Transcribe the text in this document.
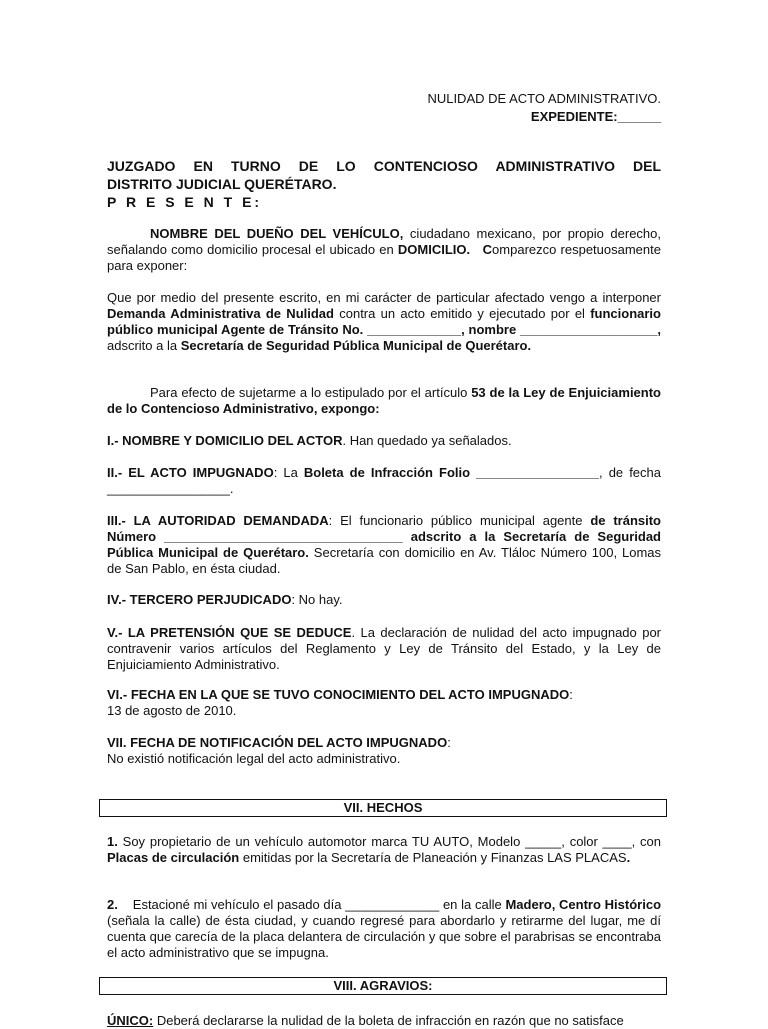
NULIDAD DE ACTO ADMINISTRATIVO.
EXPEDIENTE:______
JUZGADO EN TURNO DE LO CONTENCIOSO ADMINISTRATIVO DEL
DISTRITO JUDICIAL QUERÉTARO.
P R E S E N T E:
NOMBRE DEL DUEÑO DEL VEHÍCULO, ciudadano mexicano, por propio derecho, señalando como domicilio procesal el ubicado en DOMICILIO.   Comparezco respetuosamente para exponer:
Que por medio del presente escrito, en mi carácter de particular afectado vengo a interponer Demanda Administrativa de Nulidad contra un acto emitido y ejecutado por el funcionario público municipal Agente de Tránsito No. _____________, nombre ___________________, adscrito a la Secretaría de Seguridad Pública Municipal de Querétaro.
Para efecto de sujetarme a lo estipulado por el artículo 53 de la Ley de Enjuiciamiento de lo Contencioso Administrativo, expongo:
I.- NOMBRE Y DOMICILIO DEL ACTOR. Han quedado ya señalados.
II.- EL ACTO IMPUGNADO: La Boleta de Infracción Folio _________________, de fecha _________________.
III.- LA AUTORIDAD DEMANDADA: El funcionario público municipal agente de tránsito Número _________________________________ adscrito a la Secretaría de Seguridad Pública Municipal de Querétaro. Secretaría con domicilio en Av. Tláloc Número 100, Lomas de San Pablo, en ésta ciudad.
IV.- TERCERO PERJUDICADO: No hay.
V.- LA PRETENSIÓN QUE SE DEDUCE. La declaración de nulidad del acto impugnado por contravenir varios artículos del Reglamento y Ley de Tránsito del Estado, y la Ley de Enjuiciamiento Administrativo.
VI.- FECHA EN LA QUE SE TUVO CONOCIMIENTO DEL ACTO IMPUGNADO:
13 de agosto de 2010.
VII. FECHA DE NOTIFICACIÓN DEL ACTO IMPUGNADO:
No existió notificación legal del acto administrativo.
VII. HECHOS
1. Soy propietario de un vehículo automotor marca TU AUTO, Modelo _____, color ____, con Placas de circulación emitidas por la Secretaría de Planeación y Finanzas LAS PLACAS.
2.    Estacioné mi vehículo el pasado día _____________ en la calle Madero, Centro Histórico (señala la calle) de ésta ciudad, y cuando regresé para abordarlo y retirarme del lugar, me dí cuenta que carecía de la placa delantera de circulación y que sobre el parabrisas se encontraba el acto administrativo que se impugna.
VIII. AGRAVIOS:
ÚNICO: Deberá declararse la nulidad de la boleta de infracción en razón que no satisface
